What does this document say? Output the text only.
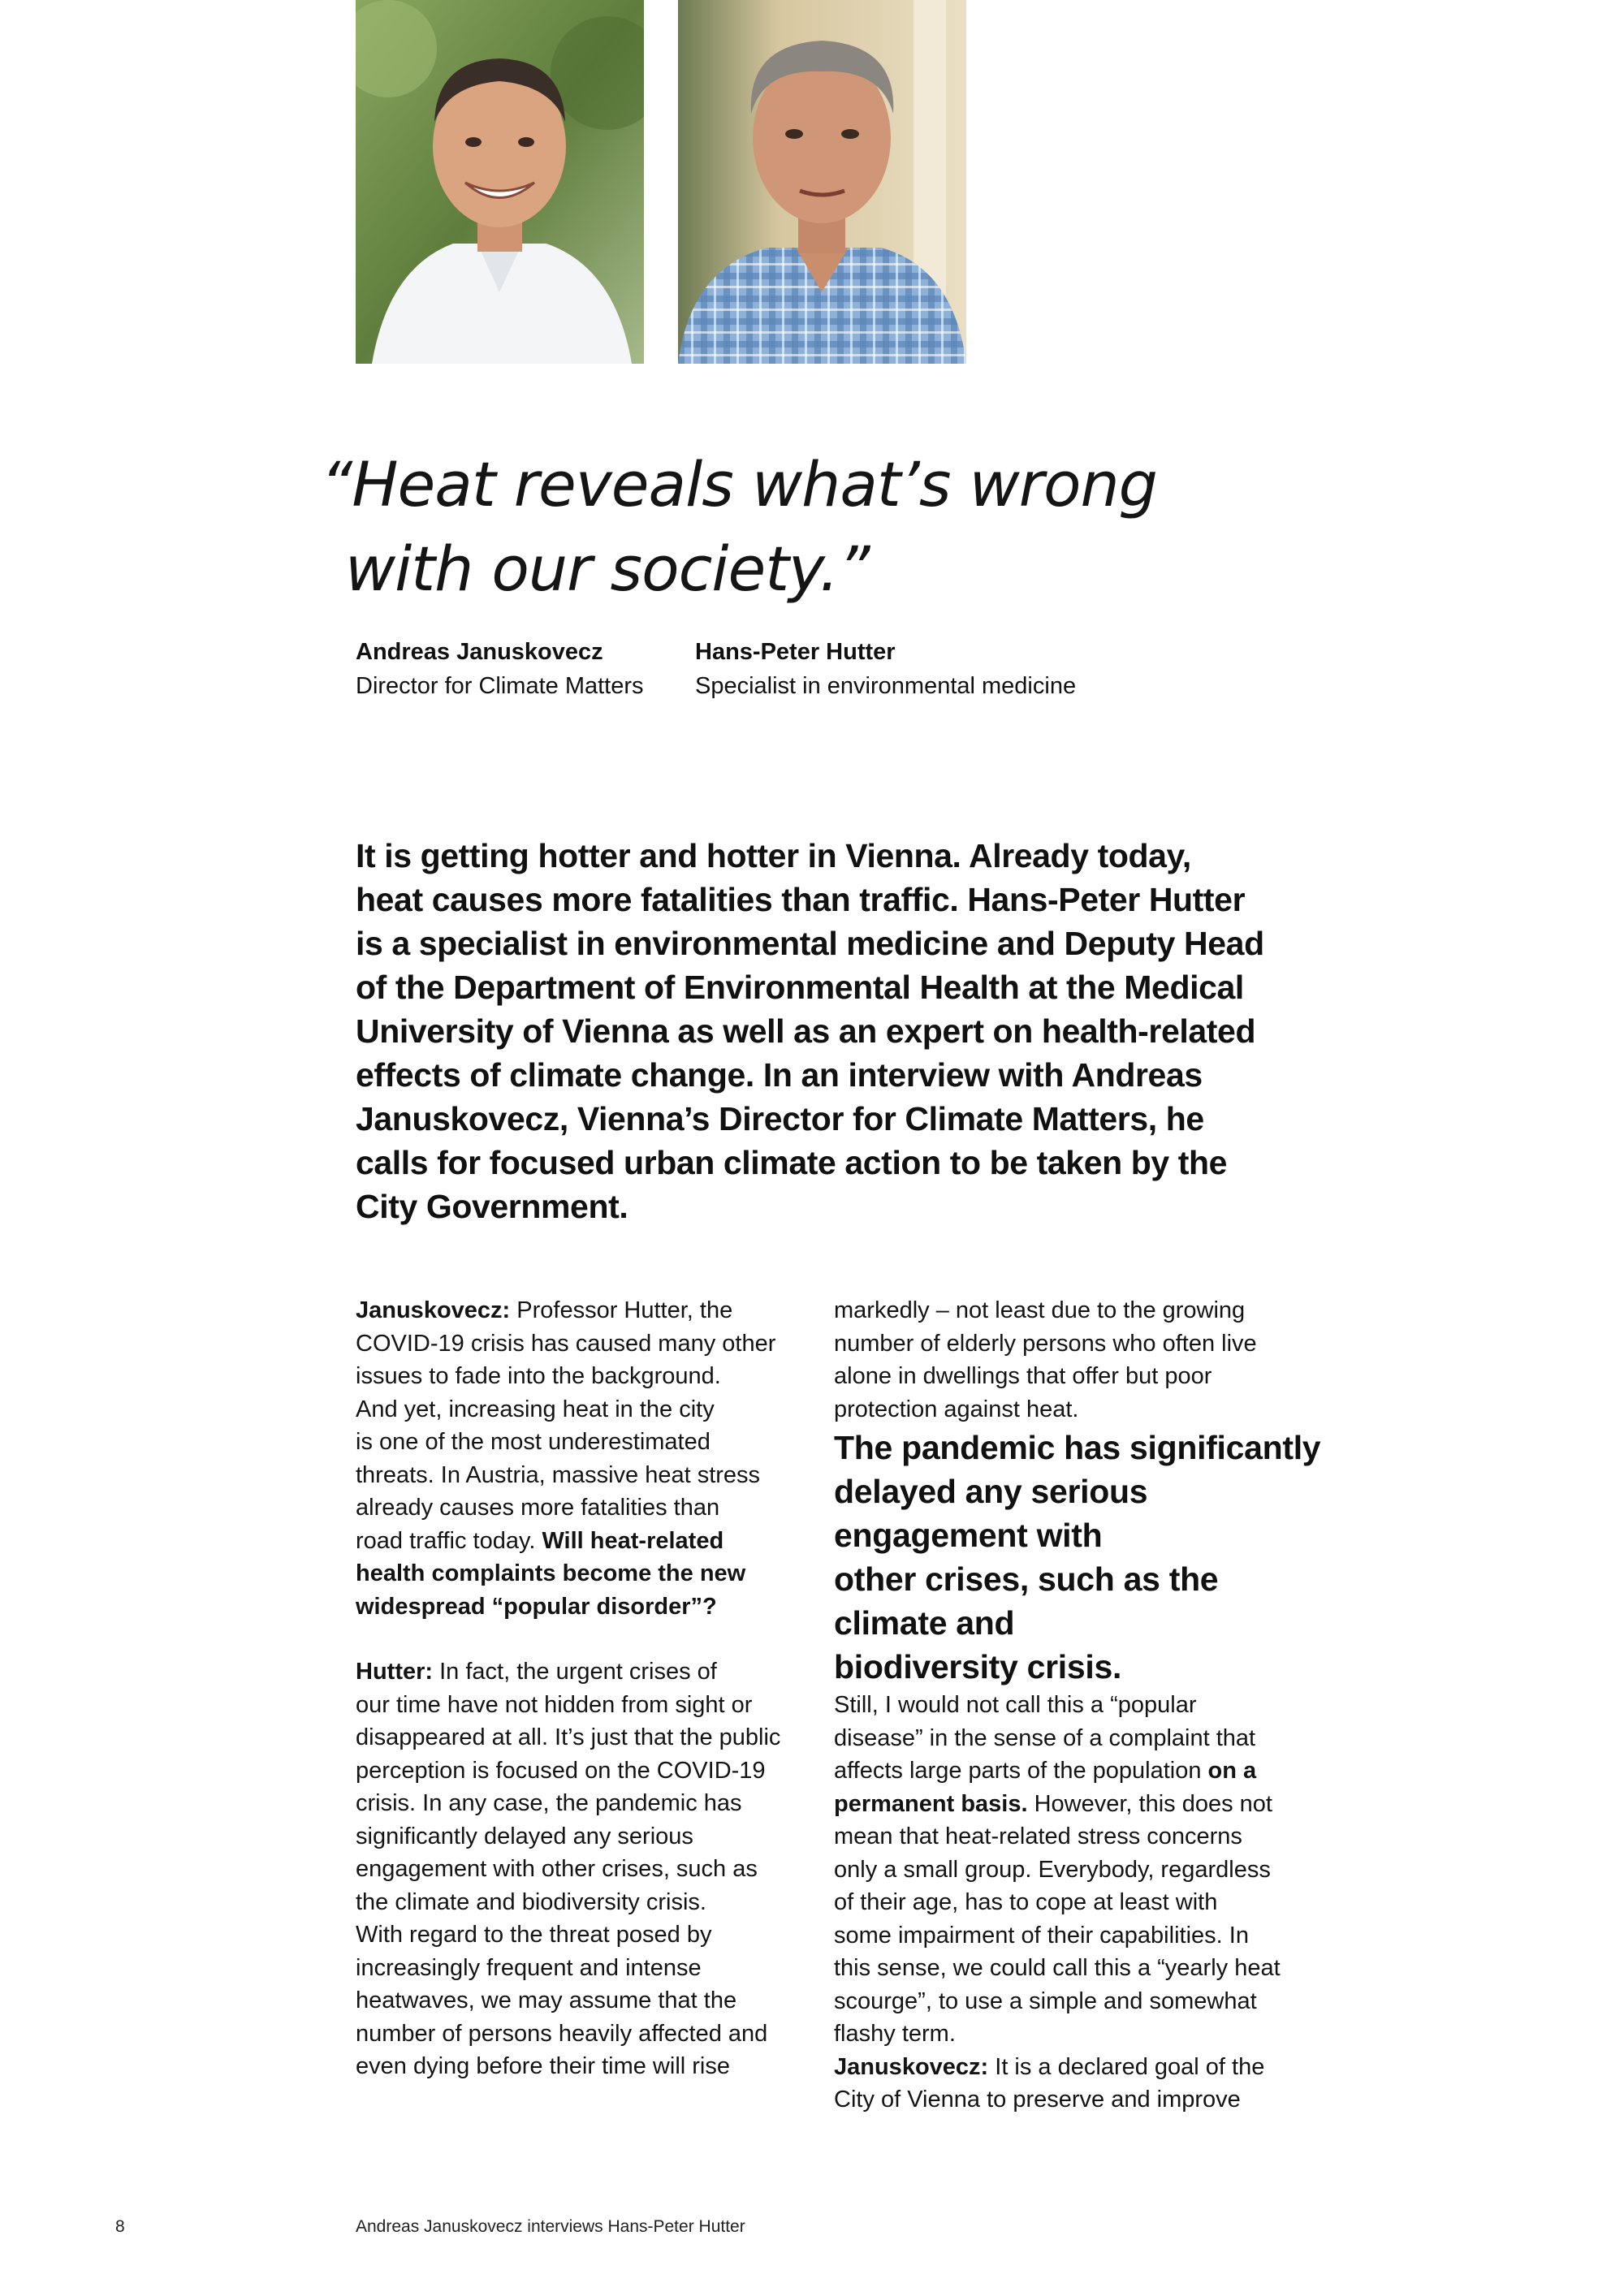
“Heat reveals what’s wrong
with our society.”
Andreas Januskovecz
Director for Climate Matters
Hans-Peter Hutter
Specialist in environmental medicine

It is getting hotter and hotter in Vienna. Already today,
heat causes more fatalities than traffic. Hans-Peter Hutter
is a specialist in environmental medicine and Deputy Head
of the Department of Environmental Health at the Medical
University of Vienna as well as an expert on health-related
effects of climate change. In an interview with Andreas
Januskovecz, Vienna’s Director for Climate Matters, he
calls for focused urban climate action to be taken by the
City Government.

Januskovecz: Professor Hutter, the
COVID-19 crisis has caused many other
issues to fade into the background.
And yet, increasing heat in the city
is one of the most underestimated
threats. In Austria, massive heat stress
already causes more fatalities than
road traffic today. Will heat-related
health complaints become the new
widespread “popular disorder”?

Hutter: In fact, the urgent crises of
our time have not hidden from sight or
disappeared at all. It’s just that the public
perception is focused on the COVID-19
crisis. In any case, the pandemic has
significantly delayed any serious
engagement with other crises, such as
the climate and biodiversity crisis.
With regard to the threat posed by
increasingly frequent and intense
heatwaves, we may assume that the
number of persons heavily affected and
even dying before their time will rise

markedly – not least due to the growing
number of elderly persons who often live
alone in dwellings that offer but poor
protection against heat.

The pandemic has significantly
delayed any serious engagement with
other crises, such as the climate and
biodiversity crisis.

Still, I would not call this a “popular
disease” in the sense of a complaint that
affects large parts of the population on a
permanent basis. However, this does not
mean that heat-related stress concerns
only a small group. Everybody, regardless
of their age, has to cope at least with
some impairment of their capabilities. In
this sense, we could call this a “yearly heat
scourge”, to use a simple and somewhat
flashy term.

Januskovecz: It is a declared goal of the
City of Vienna to preserve and improve

8	Andreas Januskovecz interviews Hans-Peter Hutter
